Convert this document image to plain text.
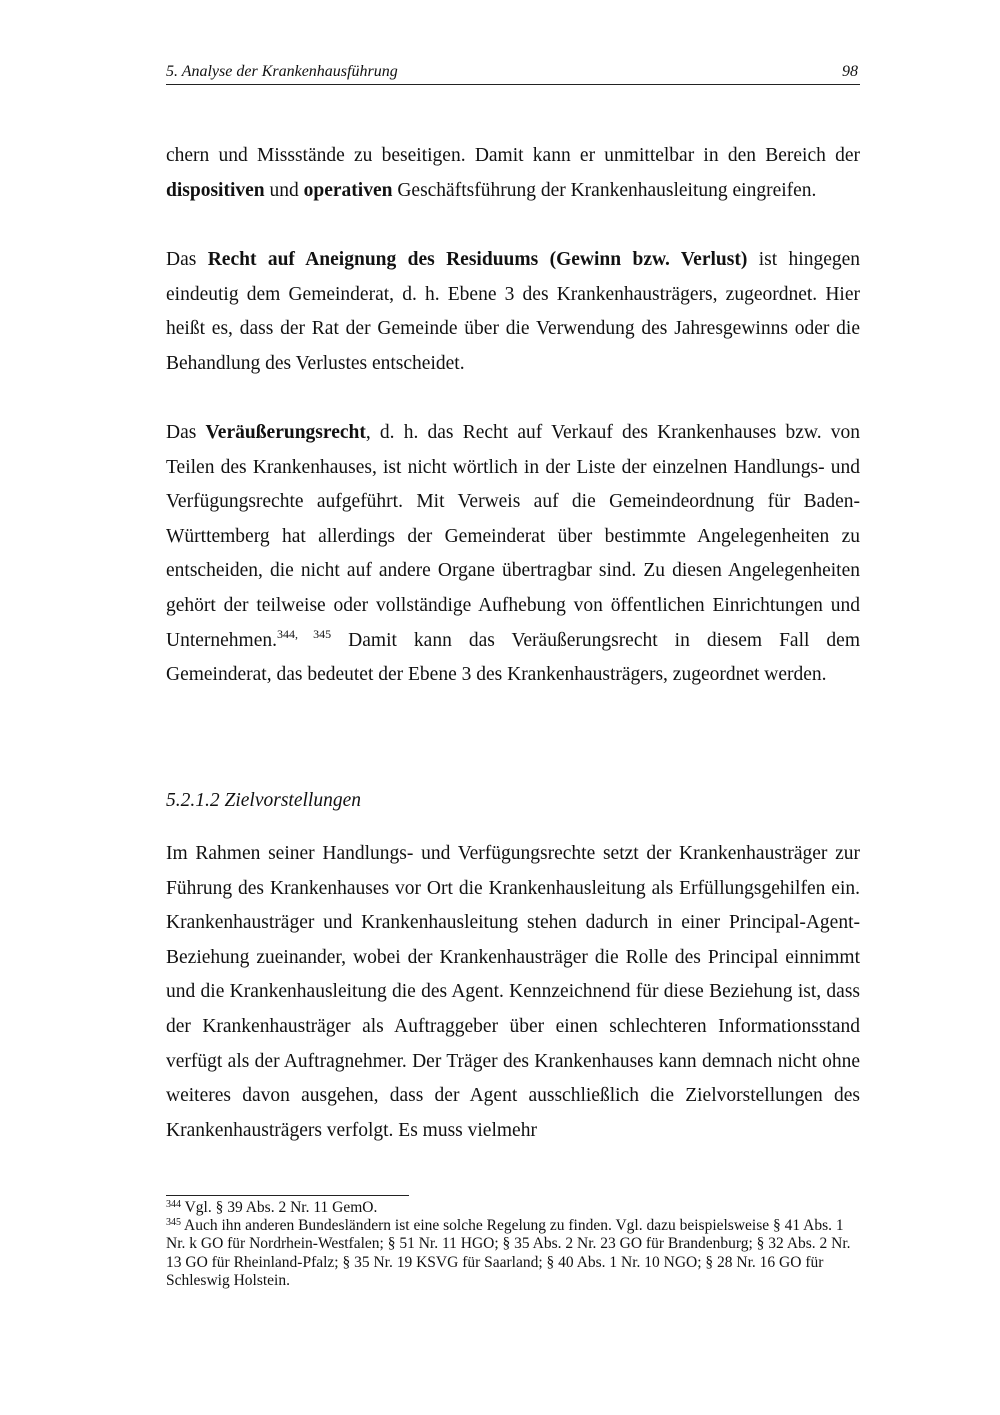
5. Analyse der Krankenhausführung	98

chern und Missstände zu beseitigen. Damit kann er unmittelbar in den Bereich der dispositiven und operativen Geschäftsführung der Krankenhausleitung eingreifen.

Das Recht auf Aneignung des Residuums (Gewinn bzw. Verlust) ist hingegen eindeutig dem Gemeinderat, d. h. Ebene 3 des Krankenhausträgers, zugeordnet. Hier heißt es, dass der Rat der Gemeinde über die Verwendung des Jahresgewinns oder die Behandlung des Verlustes entscheidet.

Das Veräußerungsrecht, d. h. das Recht auf Verkauf des Krankenhauses bzw. von Teilen des Krankenhauses, ist nicht wörtlich in der Liste der einzelnen Handlungs- und Verfügungsrechte aufgeführt. Mit Verweis auf die Gemeindeordnung für Baden-Württemberg hat allerdings der Gemeinderat über bestimmte Angelegenheiten zu entscheiden, die nicht auf andere Organe übertragbar sind. Zu diesen Angelegenheiten gehört der teilweise oder vollständige Aufhebung von öffentlichen Einrichtungen und Unternehmen.$^{344, 345}$ Damit kann das Veräußerungsrecht in diesem Fall dem Gemeinderat, das bedeutet der Ebene 3 des Krankenhausträgers, zugeordnet werden.

5.2.1.2 Zielvorstellungen

Im Rahmen seiner Handlungs- und Verfügungsrechte setzt der Krankenhausträger zur Führung des Krankenhauses vor Ort die Krankenhausleitung als Erfüllungsgehilfen ein. Krankenhausträger und Krankenhausleitung stehen dadurch in einer Principal-Agent-Beziehung zueinander, wobei der Krankenhausträger die Rolle des Principal einnimmt und die Krankenhausleitung die des Agent. Kennzeichnend für diese Beziehung ist, dass der Krankenhausträger als Auftraggeber über einen schlechteren Informationsstand verfügt als der Auftragnehmer. Der Träger des Krankenhauses kann demnach nicht ohne weiteres davon ausgehen, dass der Agent ausschließlich die Zielvorstellungen des Krankenhausträgers verfolgt. Es muss vielmehr

$^{344}$ Vgl. § 39 Abs. 2 Nr. 11 GemO.

$^{345}$ Auch ihn anderen Bundesländern ist eine solche Regelung zu finden. Vgl. dazu beispielsweise § 41 Abs. 1 Nr. k GO für Nordrhein-Westfalen; § 51 Nr. 11 HGO; § 35 Abs. 2 Nr. 23 GO für Brandenburg; § 32 Abs. 2 Nr. 13 GO für Rheinland-Pfalz; § 35 Nr. 19 KSVG für Saarland; § 40 Abs. 1 Nr. 10 NGO; § 28 Nr. 16 GO für Schleswig Holstein.
